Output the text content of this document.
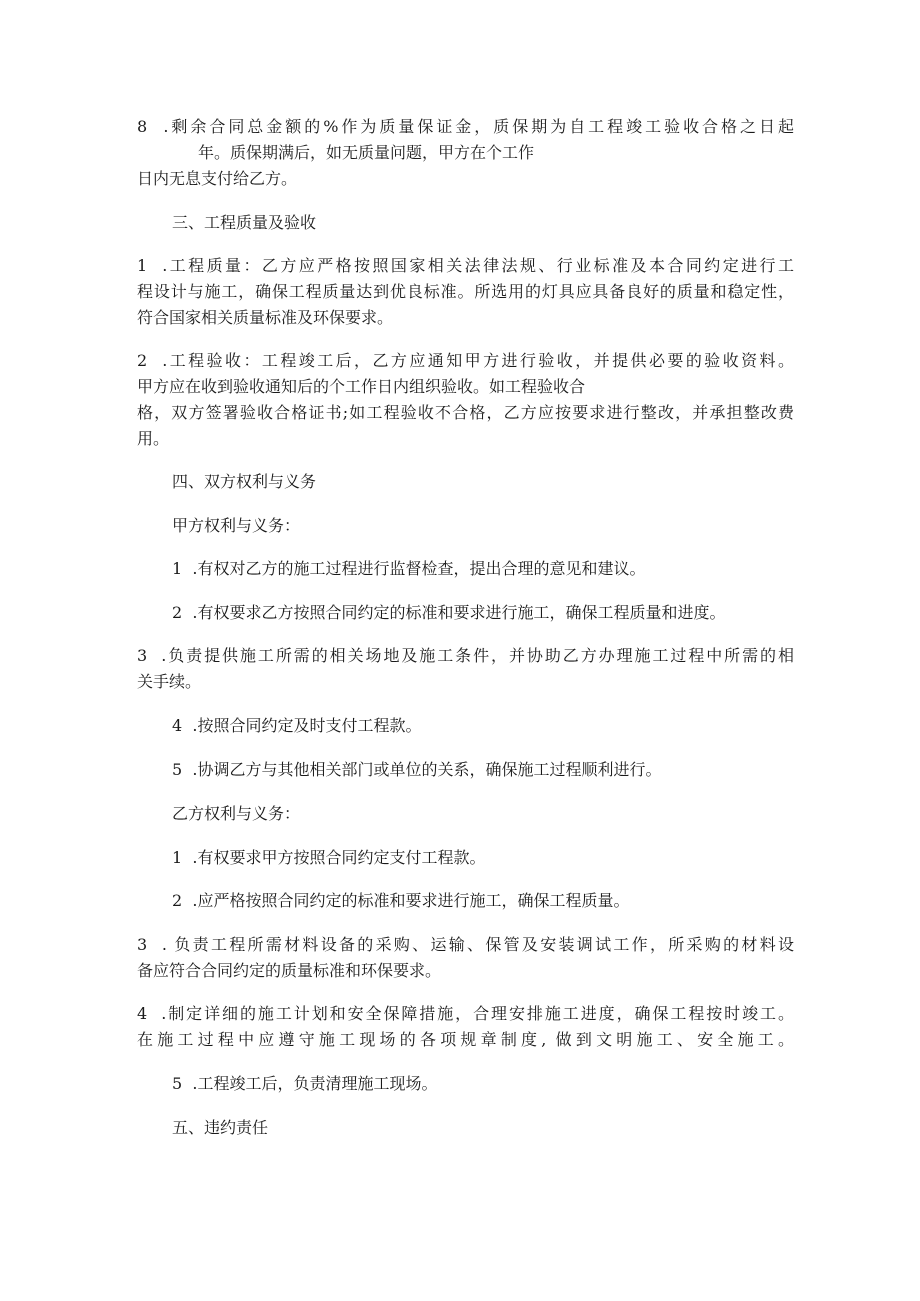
8  .剩余合同总金额的%作为质量保证金，质保期为自工程竣工验收合格之日起
年。质保期满后，如无质量问题，甲方在个工作
日内无息支付给乙方。
三、工程质量及验收
1  .工程质量：乙方应严格按照国家相关法律法规、行业标准及本合同约定进行工
程设计与施工，确保工程质量达到优良标准。所选用的灯具应具备良好的质量和稳定性，
符合国家相关质量标准及环保要求。
2  .工程验收：工程竣工后，乙方应通知甲方进行验收，并提供必要的验收资料。
甲方应在收到验收通知后的个工作日内组织验收。如工程验收合
格，双方签署验收合格证书;如工程验收不合格，乙方应按要求进行整改，并承担整改费
用。
四、双方权利与义务
甲方权利与义务：
1  .有权对乙方的施工过程进行监督检查，提出合理的意见和建议。
2  .有权要求乙方按照合同约定的标准和要求进行施工，确保工程质量和进度。
3  .负责提供施工所需的相关场地及施工条件，并协助乙方办理施工过程中所需的相
关手续。
4  .按照合同约定及时支付工程款。
5  .协调乙方与其他相关部门或单位的关系，确保施工过程顺利进行。
乙方权利与义务：
1  .有权要求甲方按照合同约定支付工程款。
2  .应严格按照合同约定的标准和要求进行施工，确保工程质量。
3  . 负责工程所需材料设备的采购、运输、保管及安装调试工作，所采购的材料设
备应符合合同约定的质量标准和环保要求。
4  .制定详细的施工计划和安全保障措施，合理安排施工进度，确保工程按时竣工。
在施工过程中应遵守施工现场的各项规章制度, 做到文明施工、安全施工。
5  .工程竣工后，负责清理施工现场。
五、违约责任
